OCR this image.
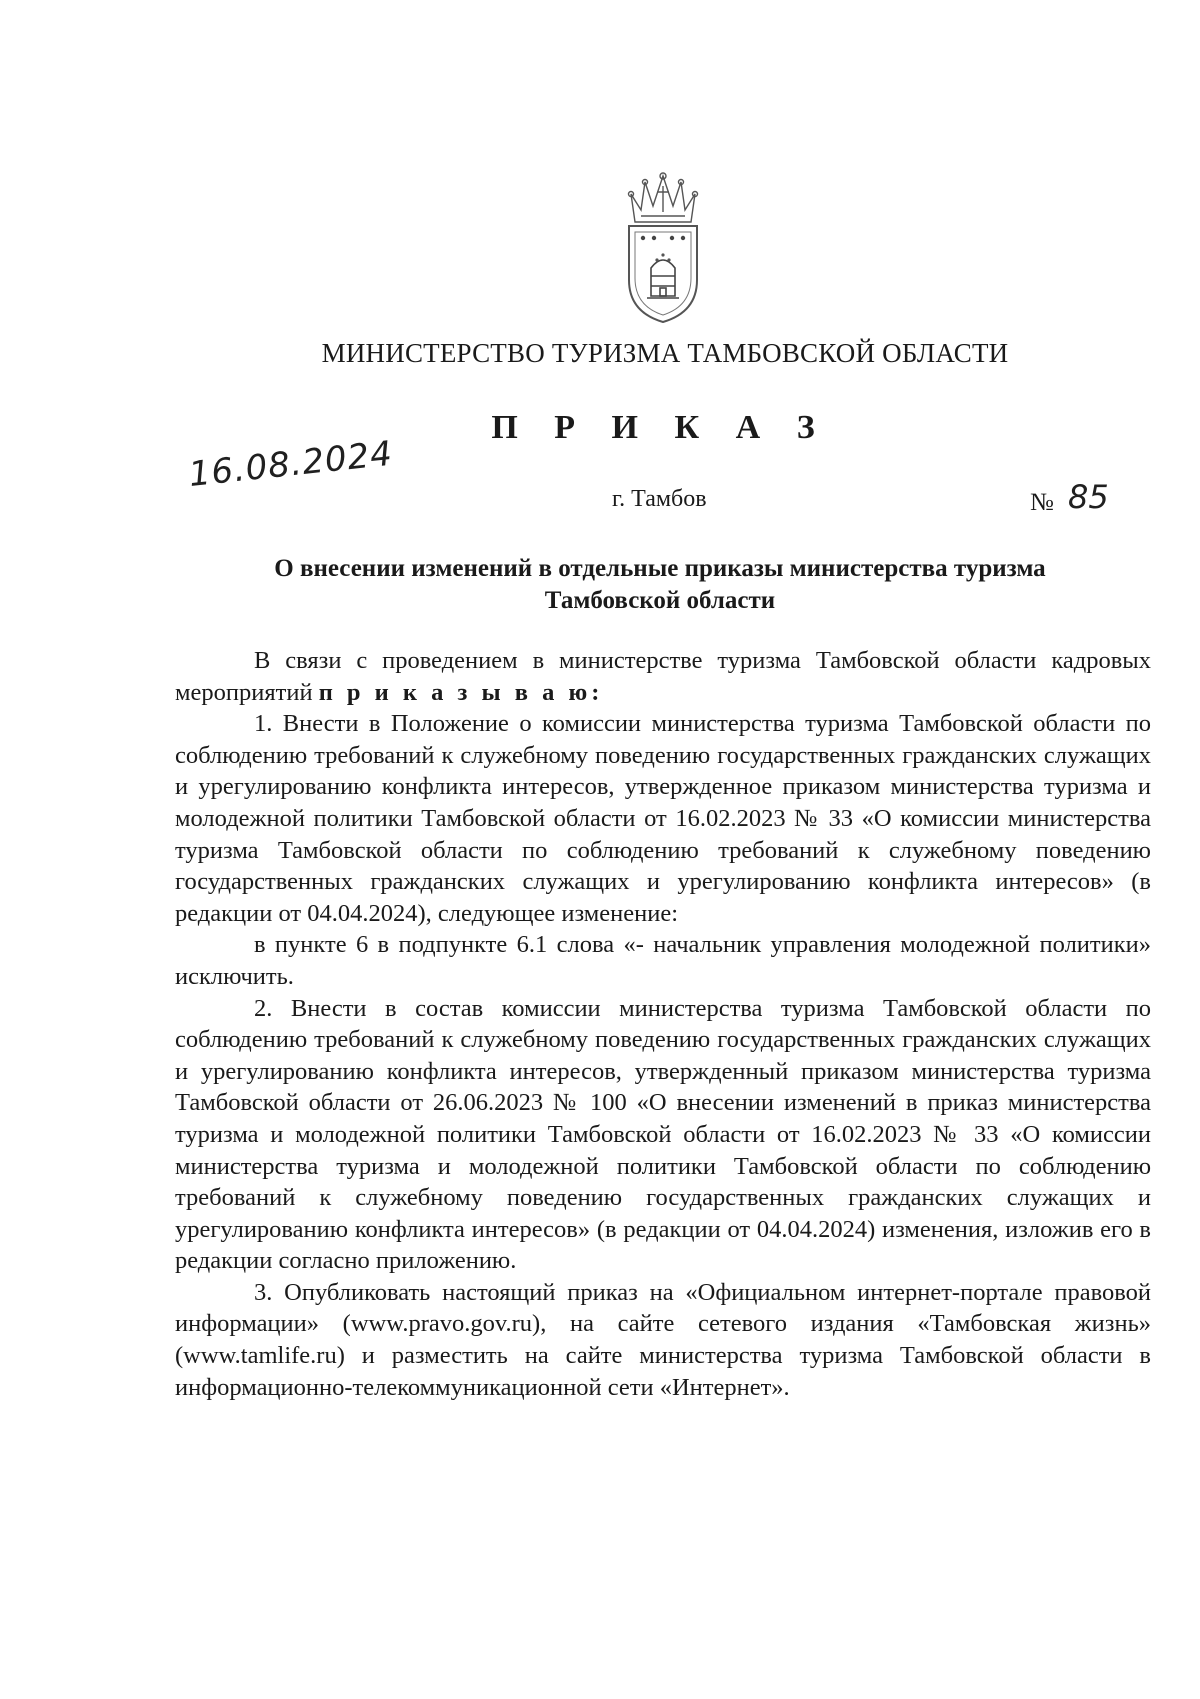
МИНИСТЕРСТВО ТУРИЗМА ТАМБОВСКОЙ ОБЛАСТИ
П Р И К А З
16.08.2024
г. Тамбов	№ 85
О внесении изменений в отдельные приказы министерства туризма
Тамбовской области

В связи с проведением в министерстве туризма Тамбовской области кадровых мероприятий п р и к а з ы в а ю:

1. Внести в Положение о комиссии министерства туризма Тамбовской области по соблюдению требований к служебному поведению государственных гражданских служащих и урегулированию конфликта интересов, утвержденное приказом министерства туризма и молодежной политики Тамбовской области от 16.02.2023 № 33 «О комиссии министерства туризма Тамбовской области по соблюдению требований к служебному поведению государственных гражданских служащих и урегулированию конфликта интересов» (в редакции от 04.04.2024), следующее изменение:

в пункте 6 в подпункте 6.1 слова «- начальник управления молодежной политики» исключить.

2. Внести в состав комиссии министерства туризма Тамбовской области по соблюдению требований к служебному поведению государственных гражданских служащих и урегулированию конфликта интересов, утвержденный приказом министерства туризма Тамбовской области от 26.06.2023 № 100 «О внесении изменений в приказ министерства туризма и молодежной политики Тамбовской области от 16.02.2023 № 33 «О комиссии министерства туризма и молодежной политики Тамбовской области по соблюдению требований к служебному поведению государственных гражданских служащих и урегулированию конфликта интересов» (в редакции от 04.04.2024) изменения, изложив его в редакции согласно приложению.

3. Опубликовать настоящий приказ на «Официальном интернет-портале правовой информации» (www.pravo.gov.ru), на сайте сетевого издания «Тамбовская жизнь» (www.tamlife.ru) и разместить на сайте министерства туризма Тамбовской области в информационно-телекоммуникационной сети «Интернет».
